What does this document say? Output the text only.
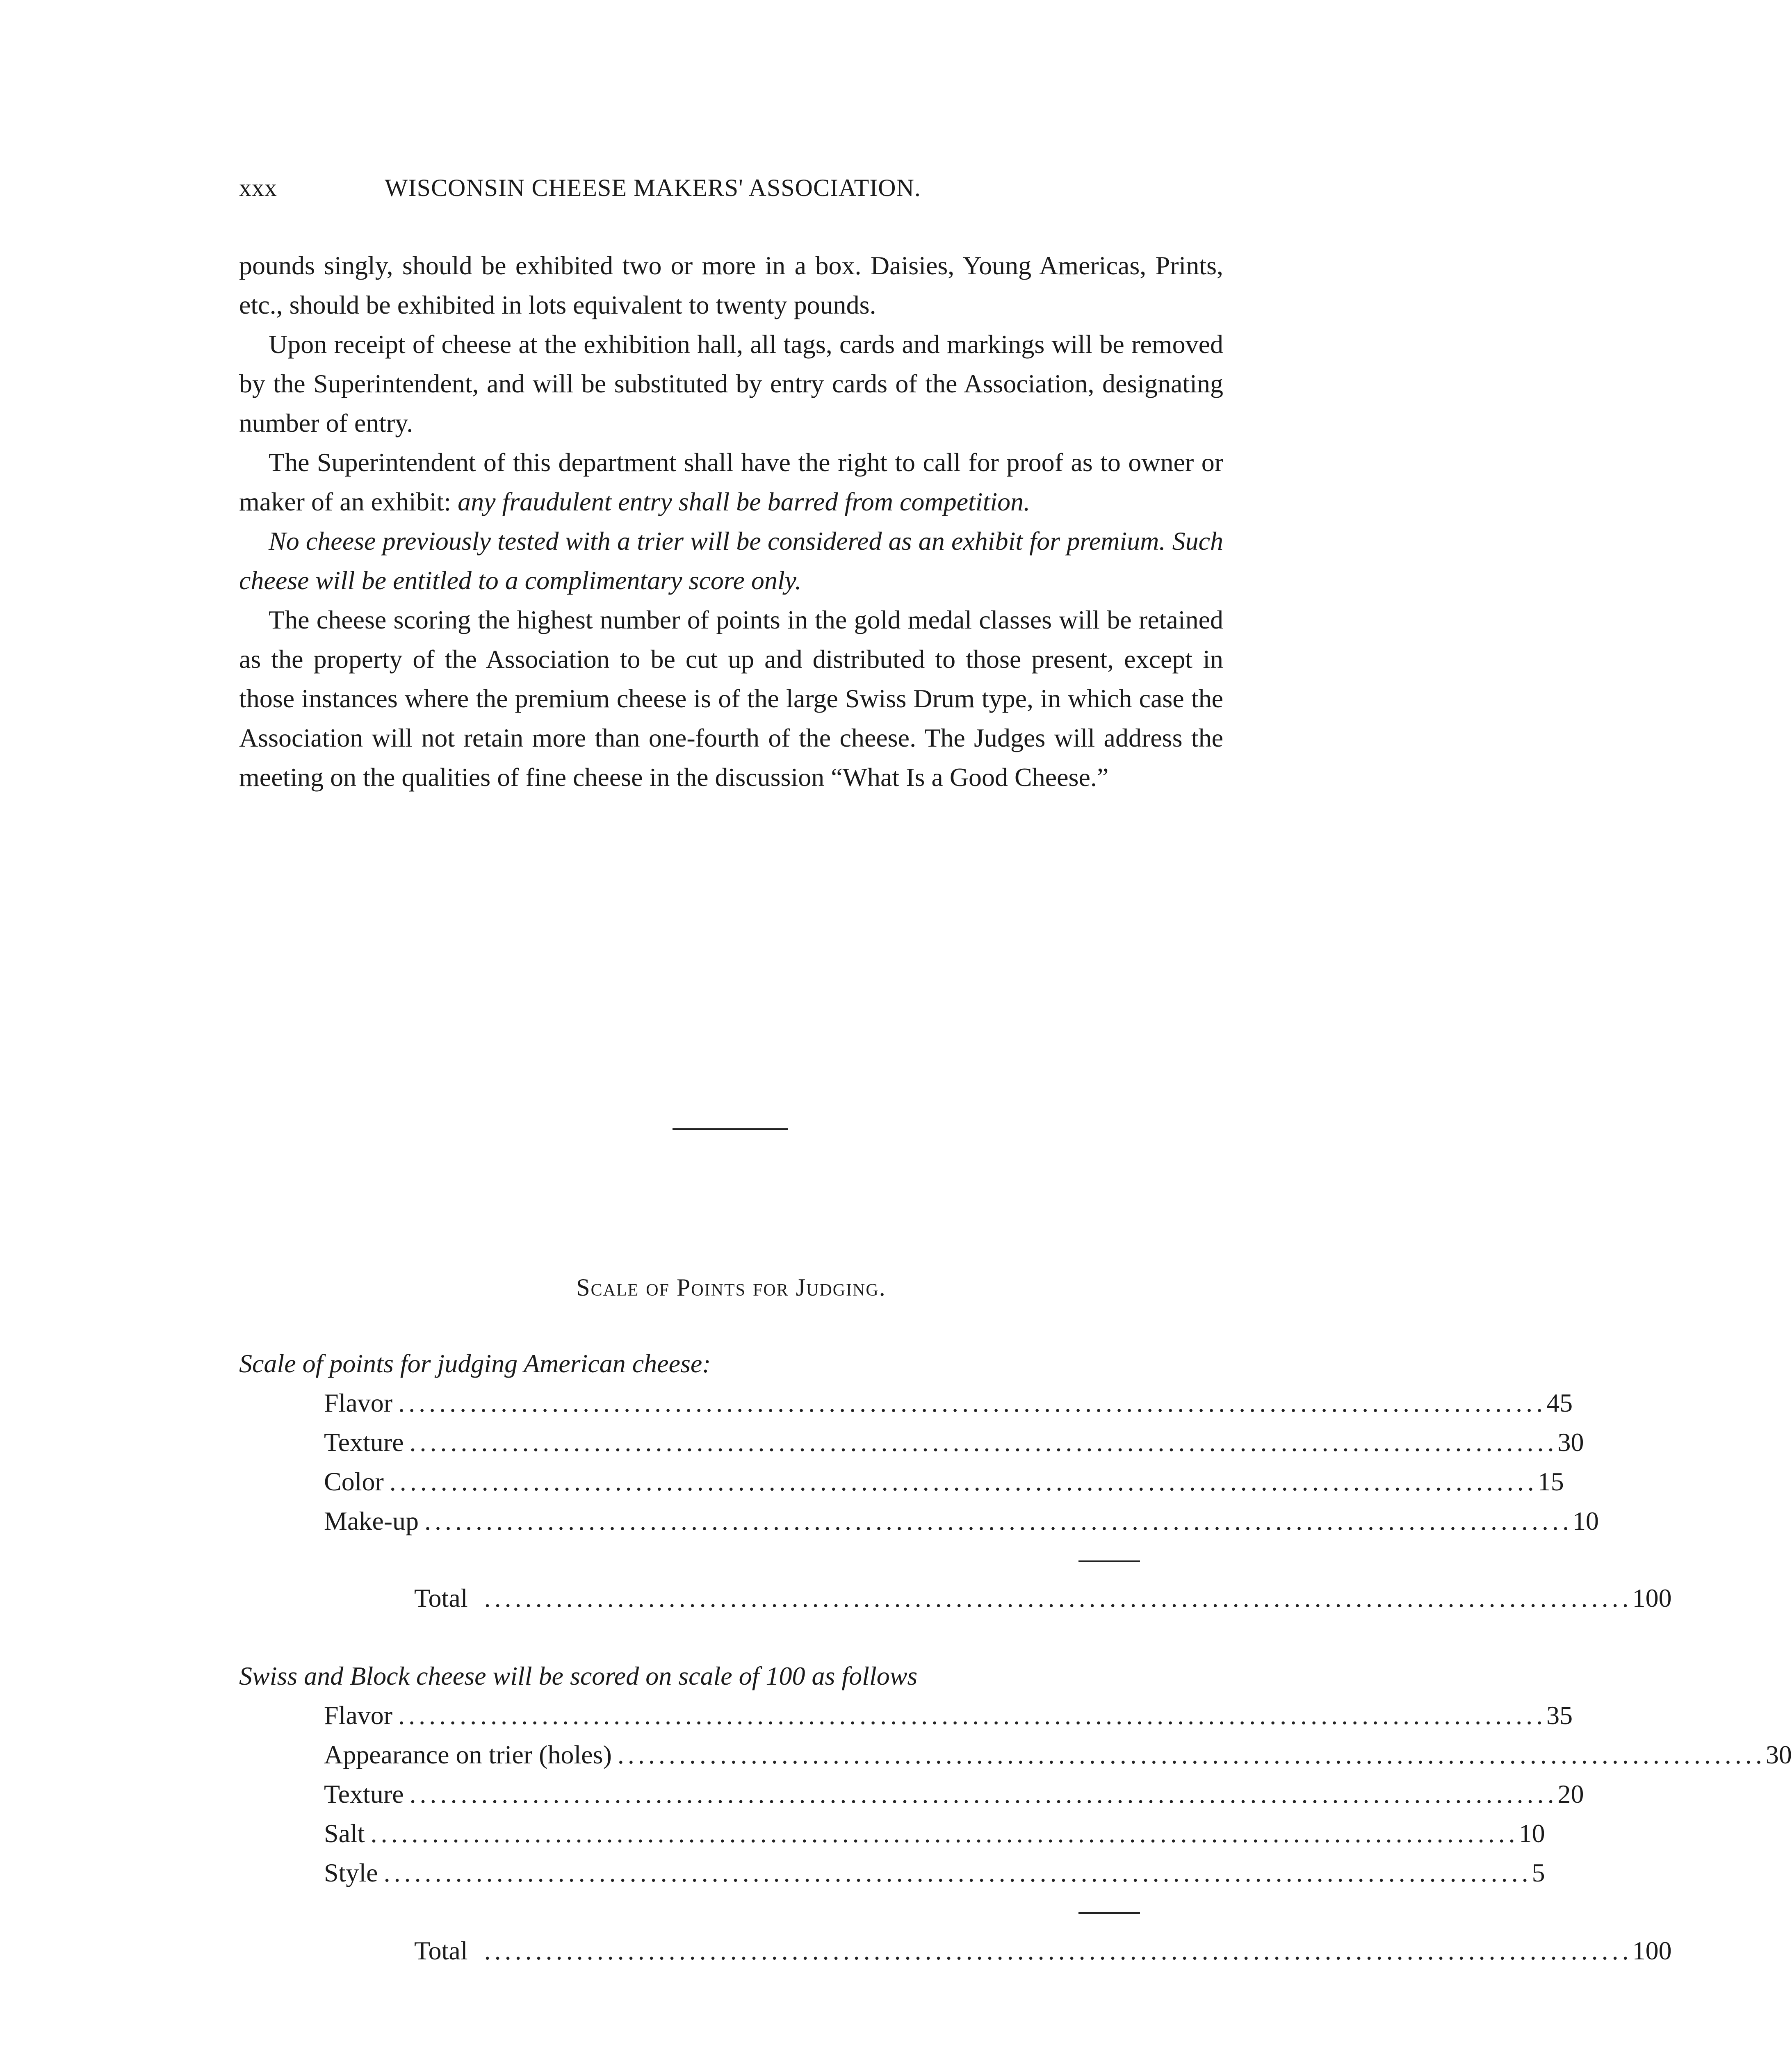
xxx	WISCONSIN CHEESE MAKERS' ASSOCIATION.

pounds singly, should be exhibited two or more in a box. Daisies, Young Americas, Prints, etc., should be exhibited in lots equivalent to twenty pounds.

Upon receipt of cheese at the exhibition hall, all tags, cards and markings will be removed by the Superintendent, and will be substituted by entry cards of the Association, designating number of entry.

The Superintendent of this department shall have the right to call for proof as to owner or maker of an exhibit: any fraudulent entry shall be barred from competition.

No cheese previously tested with a trier will be considered as an exhibit for premium. Such cheese will be entitled to a complimentary score only.

The cheese scoring the highest number of points in the gold medal classes will be retained as the property of the Association to be cut up and distributed to those present, except in those instances where the premium cheese is of the large Swiss Drum type, in which case the Association will not retain more than one-fourth of the cheese. The Judges will address the meeting on the qualities of fine cheese in the discussion “What Is a Good Cheese.”

Scale of Points for Judging.
Scale of points for judging American cheese:
Flavor ................................................................................................................ 45
Texture ................................................................................................................ 30
Color ................................................................................................................ 15
Make-up ................................................................................................................ 10
Total ................................................................................................................ 100
Swiss and Block cheese will be scored on scale of 100 as follows
Flavor ................................................................................................................ 35
Appearance on trier (holes) ................................................................................................................ 30
Texture ................................................................................................................ 20
Salt ................................................................................................................ 10
Style ................................................................................................................ 5
Total ................................................................................................................ 100
